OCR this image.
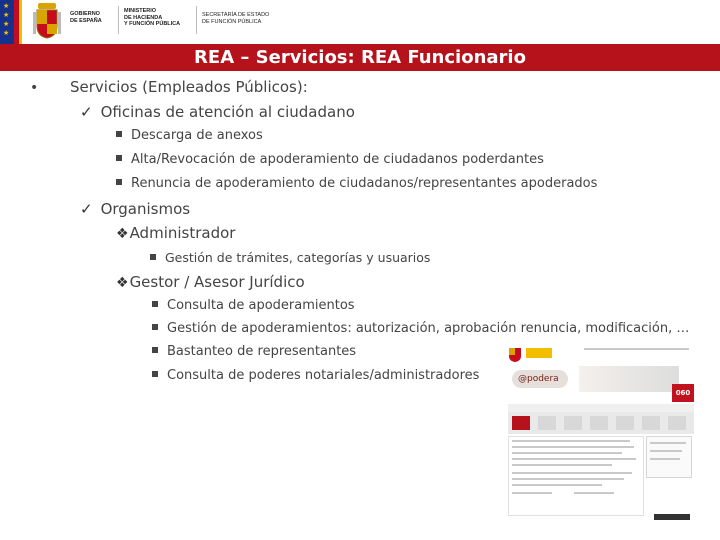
★
★
★
★
GOBIERNO
DE ESPAÑA
MINISTERIO
DE HACIENDA
Y FUNCIÓN PÚBLICA
SECRETARÍA DE ESTADO
DE FUNCIÓN PÚBLICA
REA – Servicios: REA Funcionario
• Servicios (Empleados Públicos):
✓ Oficinas de atención al ciudadano
Descarga de anexos
Alta/Revocación de apoderamiento de ciudadanos poderdantes
Renuncia de apoderamiento de ciudadanos/representantes apoderados
✓ Organismos
❖Administrador
Gestión de trámites, categorías y usuarios
❖Gestor / Asesor Jurídico
Consulta de apoderamientos
Gestión de apoderamientos: autorización, aprobación renuncia, modificación, …
Bastanteo de representantes
Consulta de poderes notariales/administradores	@podera
060
